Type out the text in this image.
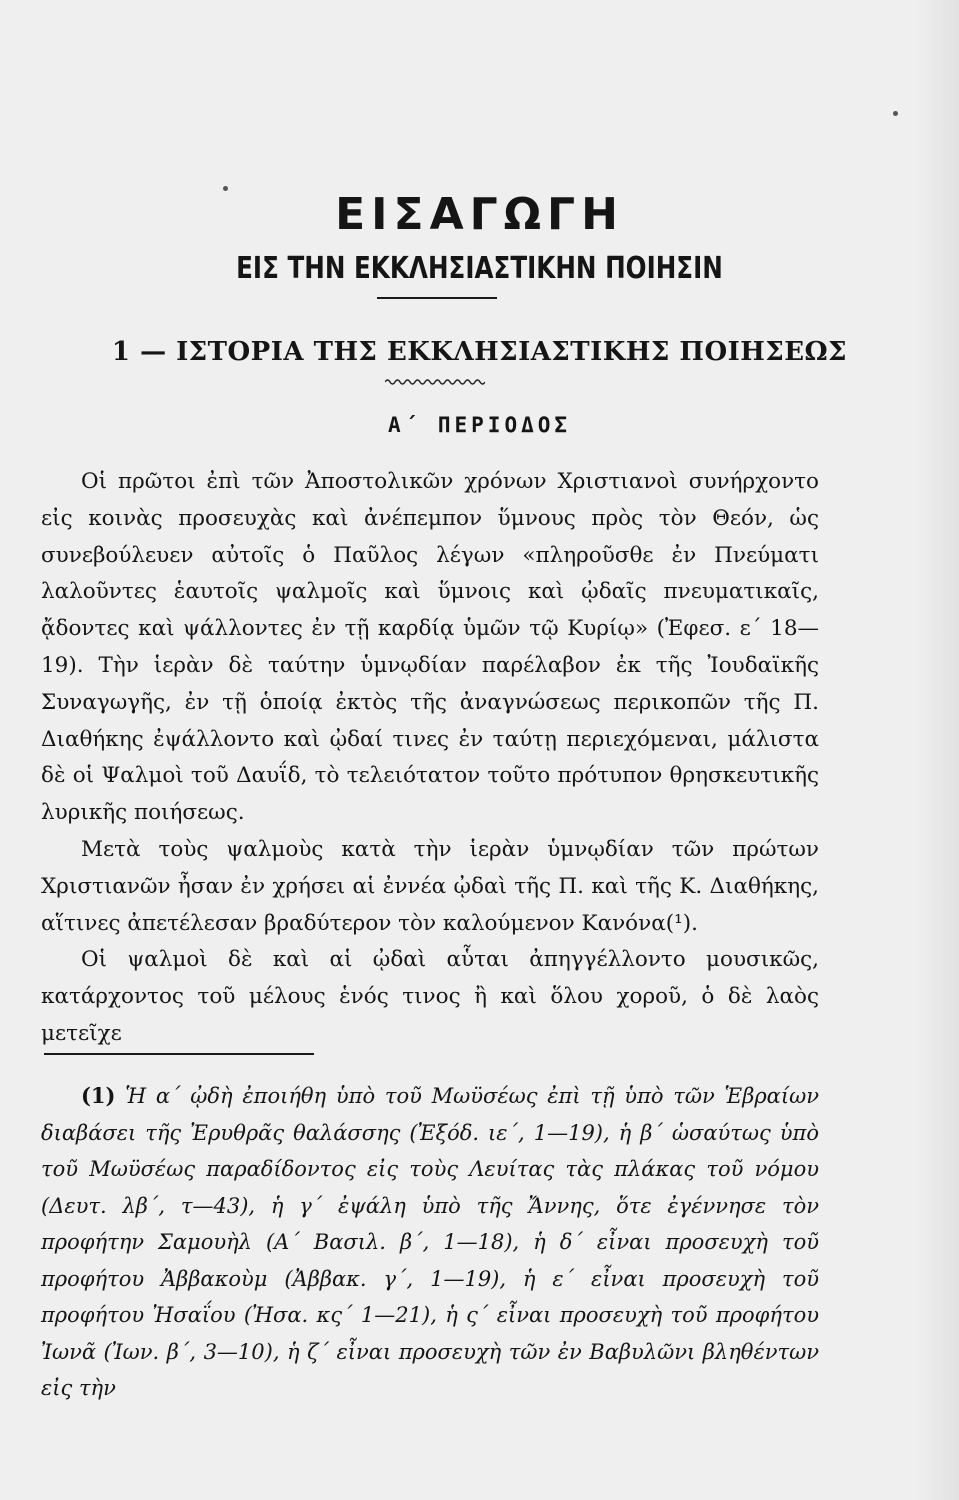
ΕΙΣΑΓΩΓΗ
ΕΙΣ ΤΗΝ ΕΚΚΛΗΣΙΑΣΤΙΚΗΝ ΠΟΙΗΣΙΝ
1 — ΙΣΤΟΡΙΑ ΤΗΣ ΕΚΚΛΗΣΙΑΣΤΙΚΗΣ ΠΟΙΗΣΕΩΣ
Α΄ ΠΕΡΙΟΔΟΣ

Οἱ πρῶτοι ἐπὶ τῶν Ἀποστολικῶν χρόνων Χριστιανοὶ συνήρχοντο εἰς κοινὰς προσευχὰς καὶ ἀνέπεμπον ὕμνους πρὸς τὸν Θεόν, ὡς συνεβούλευεν αὐτοῖς ὁ Παῦλος λέγων «πληροῦσθε ἐν Πνεύματι λαλοῦντες ἑαυτοῖς ψαλμοῖς καὶ ὕμνοις καὶ ᾠδαῖς πνευματικαῖς, ᾄδοντες καὶ ψάλλοντες ἐν τῇ καρδίᾳ ὑμῶν τῷ Κυρίῳ» (Ἐφεσ. ε΄ 18—19). Τὴν ἱερὰν δὲ ταύτην ὑμνῳδίαν παρέλαβον ἐκ τῆς Ἰουδαϊκῆς Συναγωγῆς, ἐν τῇ ὁποίᾳ ἐκτὸς τῆς ἀναγνώσεως περικοπῶν τῆς Π. Διαθήκης ἐψάλλοντο καὶ ᾠδαί τινες ἐν ταύτῃ περιεχόμεναι, μάλιστα δὲ οἱ Ψαλμοὶ τοῦ Δαυΐδ, τὸ τελειότατον τοῦτο πρότυπον θρησκευτικῆς λυρικῆς ποιήσεως.

Μετὰ τοὺς ψαλμοὺς κατὰ τὴν ἱερὰν ὑμνῳδίαν τῶν πρώτων Χριστιανῶν ἦσαν ἐν χρήσει αἱ ἐννέα ᾠδαὶ τῆς Π. καὶ τῆς Κ. Διαθήκης, αἵτινες ἀπετέλεσαν βραδύτερον τὸν καλούμενον Κανόνα(¹).

Οἱ ψαλμοὶ δὲ καὶ αἱ ᾠδαὶ αὗται ἀπηγγέλλοντο μουσικῶς, κατάρχοντος τοῦ μέλους ἑνός τινος ἢ καὶ ὅλου χοροῦ, ὁ δὲ λαὸς μετεῖχε

(1) Ἡ α΄ ᾠδὴ ἐποιήθη ὑπὸ τοῦ Μωϋσέως ἐπὶ τῇ ὑπὸ τῶν Ἑβραίων διαβάσει τῆς Ἐρυθρᾶς θαλάσσης (Ἐξόδ. ιε΄, 1—19), ἡ β΄ ὡσαύτως ὑπὸ τοῦ Μωϋσέως παραδίδοντος εἰς τοὺς Λευίτας τὰς πλάκας τοῦ νόμου (Δευτ. λβ΄, τ—43), ἡ γ΄ ἐψάλη ὑπὸ τῆς Ἄννης, ὅτε ἐγέννησε τὸν προφήτην Σαμουὴλ (Α΄ Βασιλ. β΄, 1—18), ἡ δ΄ εἶναι προσευχὴ τοῦ προφήτου Ἀββακοὺμ (Ἀββακ. γ΄, 1—19), ἡ ε΄ εἶναι προσευχὴ τοῦ προφήτου Ἠσαΐου (Ἠσα. κς΄ 1—21), ἡ ς΄ εἶναι προσευχὴ τοῦ προφήτου Ἰωνᾶ (Ἰων. β΄, 3—10), ἡ ζ΄ εἶναι προσευχὴ τῶν ἐν Βαβυλῶνι βληθέντων εἰς τὴν
